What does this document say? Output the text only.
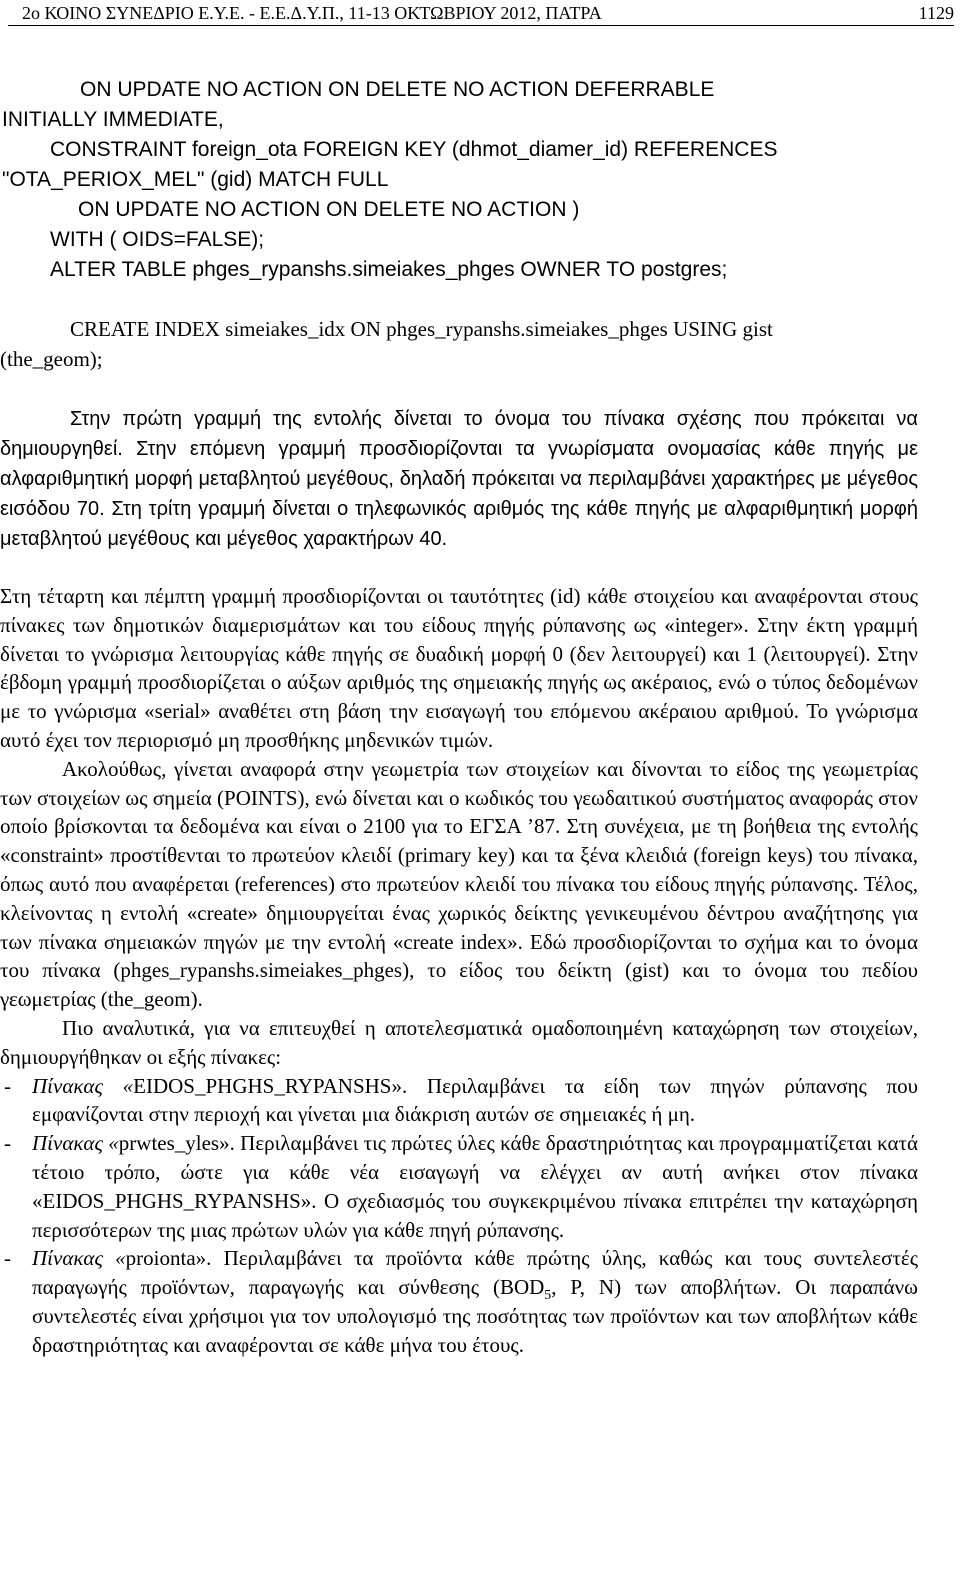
2ο ΚΟΙΝΟ ΣΥΝΕΔΡΙΟ Ε.Υ.Ε. - Ε.Ε.Δ.Υ.Π., 11-13 ΟΚΤΩΒΡΙΟΥ 2012, ΠΑΤΡΑ	1129
ON UPDATE NO ACTION ON DELETE NO ACTION DEFERRABLE
INITIALLY IMMEDIATE,
CONSTRAINT foreign_ota FOREIGN KEY (dhmot_diamer_id) REFERENCES
"OTA_PERIOX_MEL" (gid) MATCH FULL
ON UPDATE NO ACTION ON DELETE NO ACTION )
WITH ( OIDS=FALSE);
ALTER TABLE phges_rypanshs.simeiakes_phges OWNER TO postgres;
CREATE INDEX simeiakes_idx ON phges_rypanshs.simeiakes_phges USING gist
(the_geom);
Στην πρώτη γραμμή της εντολής δίνεται το όνομα του πίνακα σχέσης που πρόκειται να δημιουργηθεί. Στην επόμενη γραμμή προσδιορίζονται τα γνωρίσματα ονομασίας κάθε πηγής με αλφαριθμητική μορφή μεταβλητού μεγέθους, δηλαδή πρόκειται να περιλαμβάνει χαρακτήρες με μέγεθος εισόδου 70. Στη τρίτη γραμμή δίνεται ο τηλεφωνικός αριθμός της κάθε πηγής με αλφαριθμητική μορφή μεταβλητού μεγέθους και μέγεθος χαρακτήρων 40.

Στη τέταρτη και πέμπτη γραμμή προσδιορίζονται οι ταυτότητες (id) κάθε στοιχείου και αναφέρονται στους πίνακες των δημοτικών διαμερισμάτων και του είδους πηγής ρύπανσης ως «integer». Στην έκτη γραμμή δίνεται το γνώρισμα λειτουργίας κάθε πηγής σε δυαδική μορφή 0 (δεν λειτουργεί) και 1 (λειτουργεί). Στην έβδομη γραμμή προσδιορίζεται ο αύξων αριθμός της σημειακής πηγής ως ακέραιος, ενώ ο τύπος δεδομένων με το γνώρισμα «serial» αναθέτει στη βάση την εισαγωγή του επόμενου ακέραιου αριθμού. Το γνώρισμα αυτό έχει τον περιορισμό μη προσθήκης μηδενικών τιμών.

Ακολούθως, γίνεται αναφορά στην γεωμετρία των στοιχείων και δίνονται το είδος της γεωμετρίας των στοιχείων ως σημεία (POINTS), ενώ δίνεται και ο κωδικός του γεωδαιτικού συστήματος αναφοράς στον οποίο βρίσκονται τα δεδομένα και είναι ο 2100 για το ΕΓΣΑ ’87. Στη συνέχεια, με τη βοήθεια της εντολής «constraint» προστίθενται το πρωτεύον κλειδί (primary key) και τα ξένα κλειδιά (foreign keys) του πίνακα, όπως αυτό που αναφέρεται (references) στο πρωτεύον κλειδί του πίνακα του είδους πηγής ρύπανσης. Τέλος, κλείνοντας η εντολή «create» δημιουργείται ένας χωρικός δείκτης γενικευμένου δέντρου αναζήτησης για των πίνακα σημειακών πηγών με την εντολή «create index». Εδώ προσδιορίζονται το σχήμα και το όνομα του πίνακα (phges_rypanshs.simeiakes_phges), το είδος του δείκτη (gist) και το όνομα του πεδίου γεωμετρίας (the_geom).

Πιο αναλυτικά, για να επιτευχθεί η αποτελεσματικά ομαδοποιημένη καταχώρηση των στοιχείων, δημιουργήθηκαν οι εξής πίνακες:

- Πίνακας «EIDOS_PHGHS_RYPANSHS». Περιλαμβάνει τα είδη των πηγών ρύπανσης που εμφανίζονται στην περιοχή και γίνεται μια διάκριση αυτών σε σημειακές ή μη.
- Πίνακας «prwtes_yles». Περιλαμβάνει τις πρώτες ύλες κάθε δραστηριότητας και προγραμματίζεται κατά τέτοιο τρόπο, ώστε για κάθε νέα εισαγωγή να ελέγχει αν αυτή ανήκει στον πίνακα «EIDOS_PHGHS_RYPANSHS». Ο σχεδιασμός του συγκεκριμένου πίνακα επιτρέπει την καταχώρηση περισσότερων της μιας πρώτων υλών για κάθε πηγή ρύπανσης.
- Πίνακας «proionta». Περιλαμβάνει τα προϊόντα κάθε πρώτης ύλης, καθώς και τους συντελεστές παραγωγής προϊόντων, παραγωγής και σύνθεσης ($BOD_5$, P, N) των αποβλήτων. Οι παραπάνω συντελεστές είναι χρήσιμοι για τον υπολογισμό της ποσότητας των προϊόντων και των αποβλήτων κάθε δραστηριότητας και αναφέρονται σε κάθε μήνα του έτους.
